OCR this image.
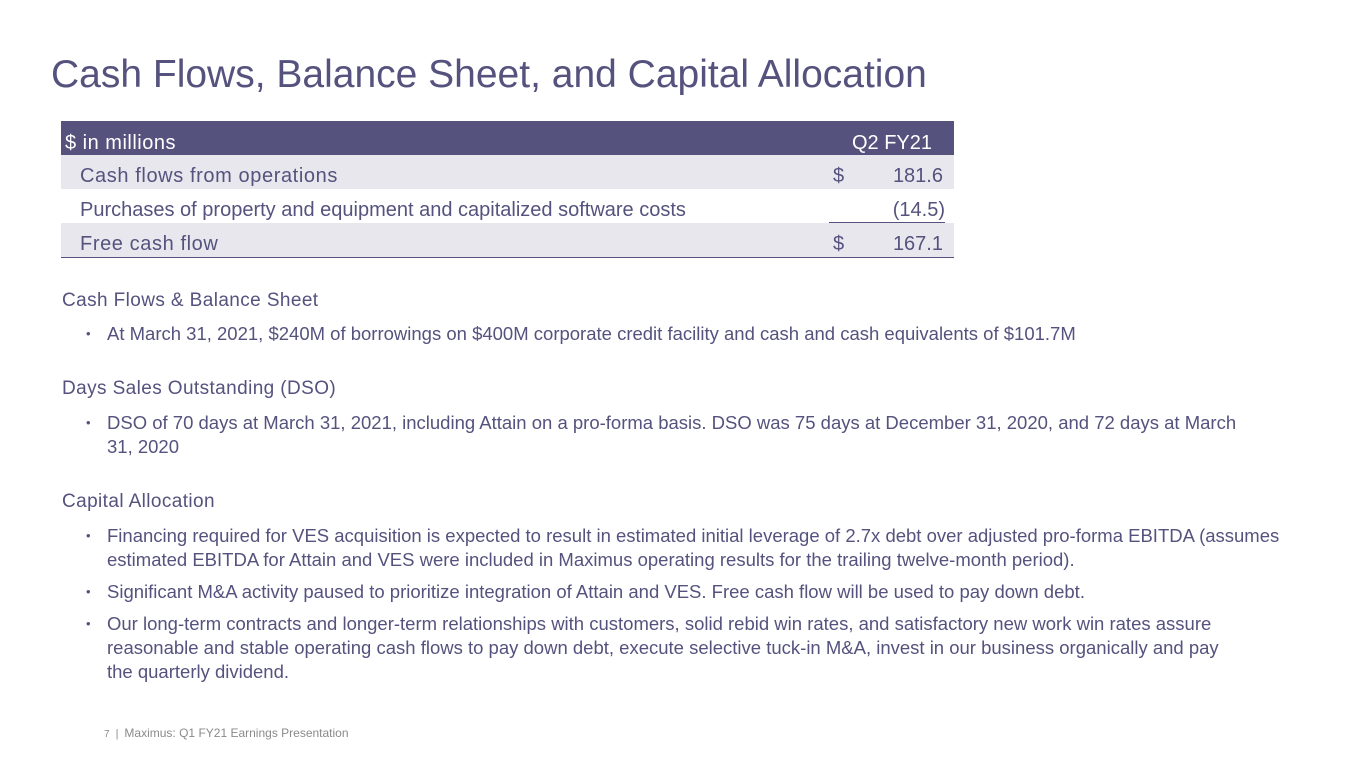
Cash Flows, Balance Sheet, and Capital Allocation
$ in millions	Q2 FY21
Cash flows from operations	$ 181.6
Purchases of property and equipment and capitalized software costs	(14.5)
Free cash flow	$ 167.1
Cash Flows & Balance Sheet
• At March 31, 2021, $240M of borrowings on $400M corporate credit facility and cash and cash equivalents of $101.7M
Days Sales Outstanding (DSO)
• DSO of 70 days at March 31, 2021, including Attain on a pro-forma basis. DSO was 75 days at December 31, 2020, and 72 days at March 31, 2020
Capital Allocation
• Financing required for VES acquisition is expected to result in estimated initial leverage of 2.7x debt over adjusted pro-forma EBITDA (assumes estimated EBITDA for Attain and VES were included in Maximus operating results for the trailing twelve-month period).
• Significant M&A activity paused to prioritize integration of Attain and VES. Free cash flow will be used to pay down debt.
• Our long-term contracts and longer-term relationships with customers, solid rebid win rates, and satisfactory new work win rates assure reasonable and stable operating cash flows to pay down debt, execute selective tuck-in M&A, invest in our business organically and pay the quarterly dividend.
7 | Maximus: Q1 FY21 Earnings Presentation
